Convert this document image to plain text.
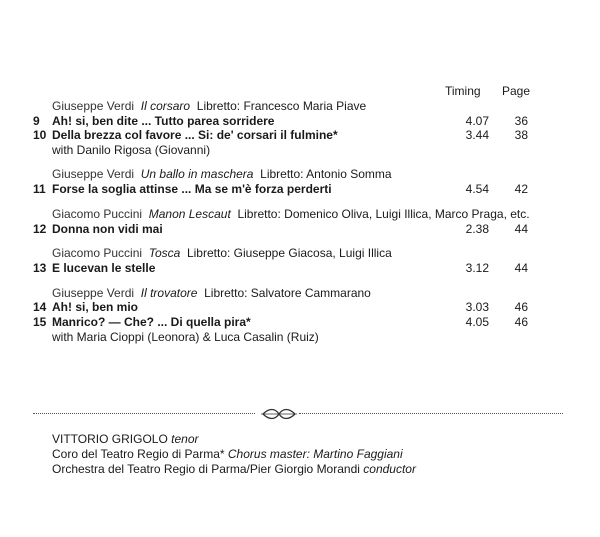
Timing Page
Giuseppe Verdi Il corsaro Libretto: Francesco Maria Piave
9	Ah! si, ben dite ... Tutto parea sorridere	4.07	36
10 Della brezza col favore ... Si: de' corsari il fulmine*	3.44	38
with Danilo Rigosa (Giovanni)
Giuseppe Verdi Un ballo in maschera Libretto: Antonio Somma
11 Forse la soglia attinse ... Ma se m'è forza perderti	4.54	42
Giacomo Puccini Manon Lescaut Libretto: Domenico Oliva, Luigi Illica, Marco Praga, etc.
12 Donna non vidi mai	2.38	44
Giacomo Puccini Tosca Libretto: Giuseppe Giacosa, Luigi Illica
13 E lucevan le stelle	3.12	44
Giuseppe Verdi Il trovatore Libretto: Salvatore Cammarano
14 Ah! si, ben mio	3.03	46
15 Manrico? — Che? ... Di quella pira*	4.05	46
with Maria Cioppi (Leonora) & Luca Casalin (Ruiz)
VITTORIO GRIGOLO tenor
Coro del Teatro Regio di Parma* Chorus master: Martino Faggiani
Orchestra del Teatro Regio di Parma/Pier Giorgio Morandi conductor
